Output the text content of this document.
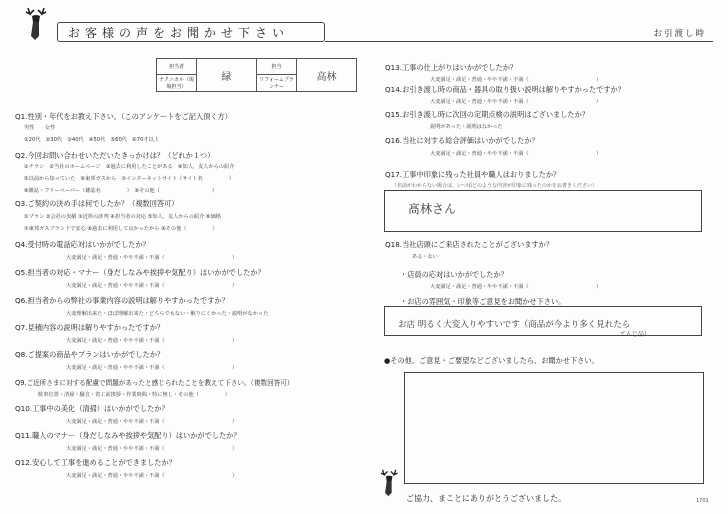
お客様の声をお聞かせ下さい	お引渡し時
担当者	緑	担当	高林
テクニカル（現場担当）		リフォームプランナー	
Q1.性別・年代をお教え下さい。（このアンケートをご記入頂く方）
男性　　女性
①20代　②30代　③40代　④50代　⑤60代　⑥70才以上
Q2.今回お問い合わせいただいたきっかけは？（どれか１つ）
①チラシ　②当社のホームページ　③過去に利用したことがある　④知人、友人からの紹介
⑤以前から知っていた　⑥東邦ガスから　⑦インターネットサイト（サイト名　　　　　）
⑧雑誌・フリーペーパー（雑誌名　　　　　）　⑨その他（　　　　　　　　　　）
Q3.ご契約の決め手は何でしたか？（複数回答可）
①プラン ②会社の実績 ③近所の評判 ④担当者の対応 ⑤知人、友人からの紹介 ⑥価格
⑦東邦ガスブランドで安心 ⑧過去に利用して良かったから ⑨その他（　　　　　）
Q4.受付時の電話応対はいかがでしたか？
大変満足・満足・普通・やや不満・不満（　　　　　　　　　　　　　）
Q5.担当者の対応・マナー（身だしなみや挨拶や気配り）はいかがでしたか？
大変満足・満足・普通・やや不満・不満（　　　　　　　　　　　　　）
Q6.担当者からの弊社の事業内容の説明は解りやすかったですか？
大変理解出来た・ほぼ理解出来た・どちらでもない・解りにくかった・説明がなかった
Q7.見積内容の説明は解りやすかったですか？
大変満足・満足・普通・やや不満・不満（　　　　　　　　　　　　　）
Q8.ご提案の商品やプランはいかがでしたか？
大変満足・満足・普通・やや不満・不満（　　　　　　　　　　　　　）
Q9.ご近所さまに対する配慮で問題があったと感じられたことを教えて下さい。（複数回答可）
駐車位置・清掃・騒音・着工前挨拶・作業時間・特に無し・その他（　　　　　）
Q10.工事中の美化（清掃）はいかがでしたか？
大変満足・満足・普通・やや不満・不満（　　　　　　　　　　　　　）
Q11.職人のマナー（身だしなみや挨拶や気配り）はいかがでしたか？
大変満足・満足・普通・やや不満・不満（　　　　　　　　　　　　　）
Q12.安心して工事を進めることができましたか？
大変満足・満足・普通・やや不満・不満（　　　　　　　　　　　　　）
Q13.工事の仕上がりはいかがでしたか？
大変満足・満足・普通・やや不満・不満（　　　　　　　　　　　　　）
Q14.お引き渡し時の商品・器具の取り扱い説明は解りやすかったですか？
大変満足・満足・普通・やや不満・不満（　　　　　　　　　　　　　）
Q15.お引き渡し時に次回の定期点検の説明はございましたか？
説明があった・説明はなかった
Q16.当社に対する総合評価はいかがでしたか？
大変満足・満足・普通・やや不満・不満（　　　　　　　　　　　　　）
Q17.工事中印象に残った社員や職人はおりましたか？
（名前がわからない場合は、いつ頃どのような内容が印象に残ったのかをお書きください）
髙林さん
Q18.当社店頭にご来店されたことがございますか？
ある・ない
・店員の応対はいかがでしたか？
大変満足・満足・普通・やや不満・不満（　　　　　　　　　　　　　）
・お店の雰囲気・印象等ご意見をお聞かせ下さい。
お店 明るく大変入りやすいです（商品が今より多く見れたら
てんじ品）
●その他、ご意見・ご要望などございましたら、お聞かせ下さい。
ご協力、まことにありがとうございました。	1701
